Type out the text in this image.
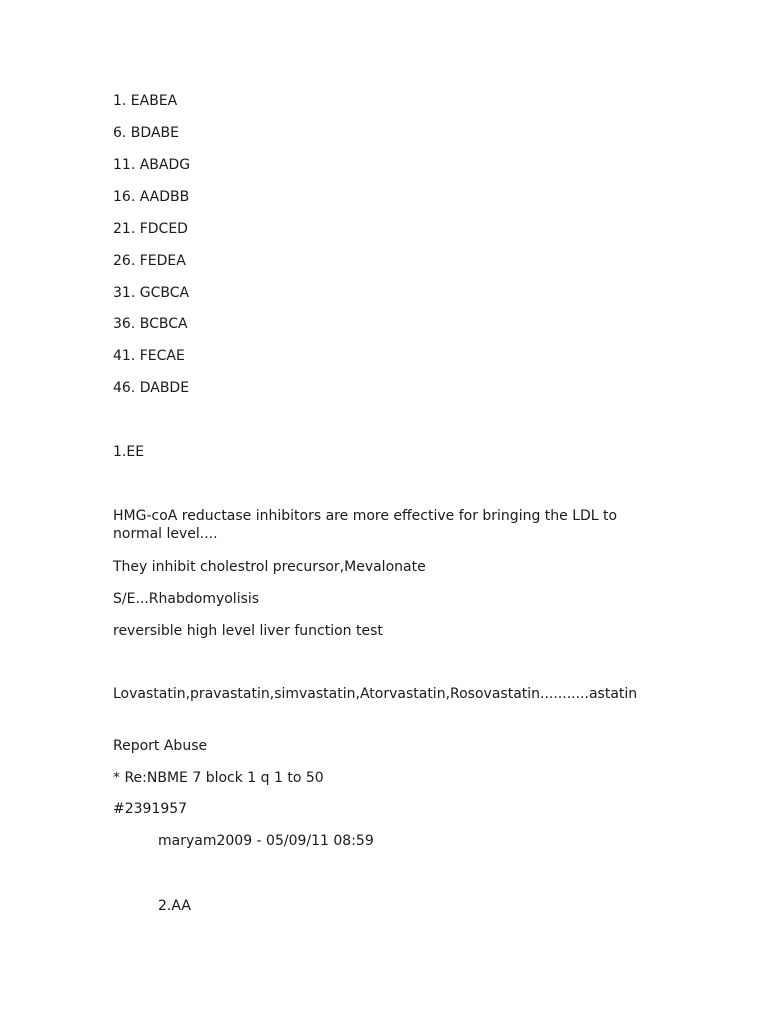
1. EABEA
6. BDABE
11. ABADG
16. AADBB
21. FDCED
26. FEDEA
31. GCBCA
36. BCBCA
41. FECAE
46. DABDE
1.EE
HMG-coA reductase inhibitors are more effective for bringing the LDL to normal level....
They inhibit cholestrol precursor,Mevalonate
S/E...Rhabdomyolisis
reversible high level liver function test
Lovastatin,pravastatin,simvastatin,Atorvastatin,Rosovastatin...........astatin
Report Abuse
* Re:NBME 7 block 1 q 1 to 50
#2391957
maryam2009 - 05/09/11 08:59
2.AA
